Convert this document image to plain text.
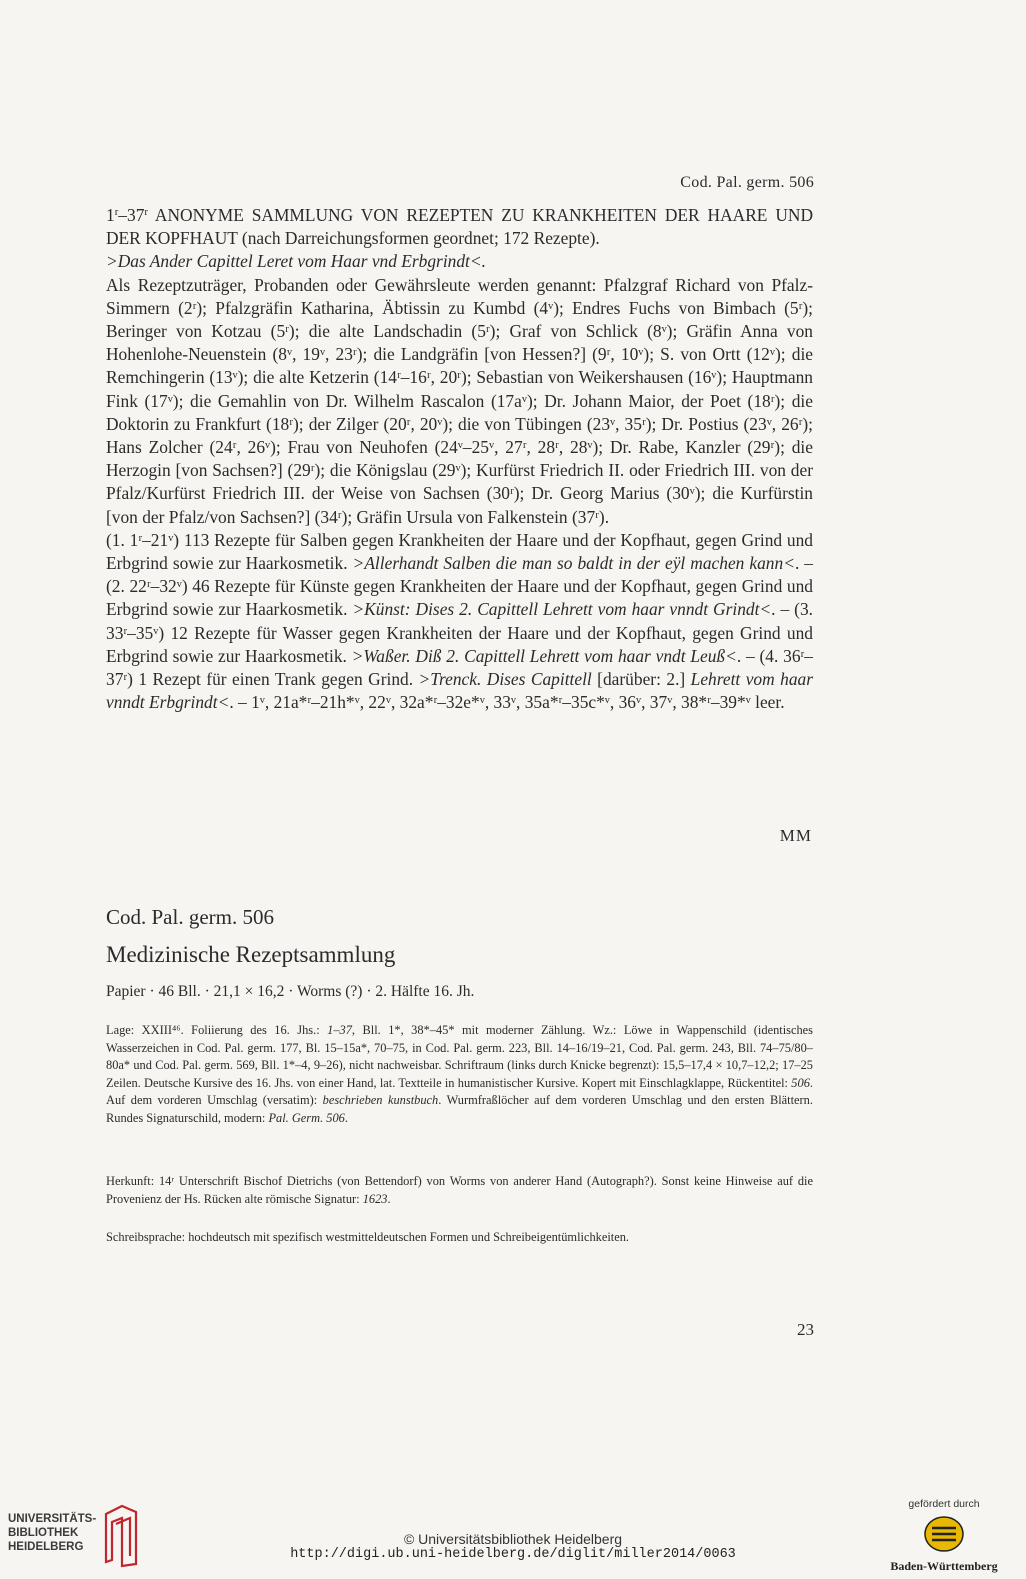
Cod. Pal. germ. 506

1$^r$–37$^r$ ANONYME SAMMLUNG VON REZEPTEN ZU KRANKHEITEN DER HAARE UND DER KOPFHAUT (nach Darreichungsformen geordnet; 172 Rezepte).
>Das Ander Capittel Leret vom Haar vnd Erbgrindt<.

Als Rezeptzuträger, Probanden oder Gewährsleute werden genannt: Pfalzgraf Richard von Pfalz-Simmern (2ʳ); Pfalzgräfin Katharina, Äbtissin zu Kumbd (4ᵛ); Endres Fuchs von Bimbach (5ʳ); Beringer von Kotzau (5ʳ); die alte Landschadin (5ʳ); Graf von Schlick (8ᵛ); Gräfin Anna von Hohenlohe-Neuenstein (8ᵛ, 19ᵛ, 23ʳ); die Landgräfin [von Hessen?] (9ʳ, 10ᵛ); S. von Ortt (12ᵛ); die Remchingerin (13ᵛ); die alte Ketzerin (14ʳ–16ʳ, 20ʳ); Sebastian von Weikershausen (16ᵛ); Hauptmann Fink (17ᵛ); die Gemahlin von Dr. Wilhelm Rascalon (17aᵛ); Dr. Johann Maior, der Poet (18ʳ); die Doktorin zu Frankfurt (18ʳ); der Zilger (20ʳ, 20ᵛ); die von Tübingen (23ᵛ, 35ʳ); Dr. Postius (23ᵛ, 26ʳ); Hans Zolcher (24ʳ, 26ᵛ); Frau von Neuhofen (24ᵛ–25ᵛ, 27ʳ, 28ʳ, 28ᵛ); Dr. Rabe, Kanzler (29ʳ); die Herzogin [von Sachsen?] (29ʳ); die Königslau (29ᵛ); Kurfürst Friedrich II. oder Friedrich III. von der Pfalz/Kurfürst Friedrich III. der Weise von Sachsen (30ʳ); Dr. Georg Marius (30ᵛ); die Kurfürstin [von der Pfalz/von Sachsen?] (34ʳ); Gräfin Ursula von Falkenstein (37ʳ).

(1. 1ʳ–21ᵛ) 113 Rezepte für Salben gegen Krankheiten der Haare und der Kopfhaut, gegen Grind und Erbgrind sowie zur Haarkosmetik. >Allerhandt Salben die man so baldt in der eÿl machen kann<. – (2. 22ʳ–32ᵛ) 46 Rezepte für Künste gegen Krankheiten der Haare und der Kopfhaut, gegen Grind und Erbgrind sowie zur Haarkosmetik. >Künst: Dises 2. Capittell Lehrett vom haar vnndt Grindt<. – (3. 33ʳ–35ᵛ) 12 Rezepte für Wasser gegen Krankheiten der Haare und der Kopfhaut, gegen Grind und Erbgrind sowie zur Haarkosmetik. >Waßer. Diß 2. Capittell Lehrett vom haar vndt Leuß<. – (4. 36ʳ–37ʳ) 1 Rezept für einen Trank gegen Grind. >Trenck. Dises Capittell [darüber: 2.] Lehrett vom haar vnndt Erbgrindt<. – 1ᵛ, 21a*ʳ–21h*ᵛ, 22ᵛ, 32a*ʳ–32e*ᵛ, 33ᵛ, 35a*ʳ–35c*ᵛ, 36ᵛ, 37ᵛ, 38*ʳ–39*ᵛ leer.

MM
Cod. Pal. germ. 506
Medizinische Rezeptsammlung
Papier · 46 Bll. · 21,1 × 16,2 · Worms (?) · 2. Hälfte 16. Jh.

Lage: XXIII⁴⁶. Foliierung des 16. Jhs.: 1–37, Bll. 1*, 38*–45* mit moderner Zählung. Wz.: Löwe in Wappenschild (identisches Wasserzeichen in Cod. Pal. germ. 177, Bl. 15–15a*, 70–75, in Cod. Pal. germ. 223, Bll. 14–16/19–21, Cod. Pal. germ. 243, Bll. 74–75/80–80a* und Cod. Pal. germ. 569, Bll. 1*–4, 9–26), nicht nachweisbar. Schriftraum (links durch Knicke begrenzt): 15,5–17,4 × 10,7–12,2; 17–25 Zeilen. Deutsche Kursive des 16. Jhs. von einer Hand, lat. Textteile in humanistischer Kursive. Kopert mit Einschlagklappe, Rückentitel: 506. Auf dem vorderen Umschlag (versatim): beschrieben kunstbuch. Wurmfraßlöcher auf dem vorderen Umschlag und den ersten Blättern. Rundes Signaturschild, modern: Pal. Germ. 506.

Herkunft: 14ʳ Unterschrift Bischof Dietrichs (von Bettendorf) von Worms von anderer Hand (Autograph?). Sonst keine Hinweise auf die Provenienz der Hs. Rücken alte römische Signatur: 1623.

Schreibsprache: hochdeutsch mit spezifisch westmitteldeutschen Formen und Schreibeigentümlichkeiten.

23
UNIVERSITÄTS-
BIBLIOTHEK
HEIDELBERG	© Universitätsbibliothek Heidelberg
http://digi.ub.uni-heidelberg.de/diglit/miller2014/0063
gefördert durch
Baden-Württemberg
